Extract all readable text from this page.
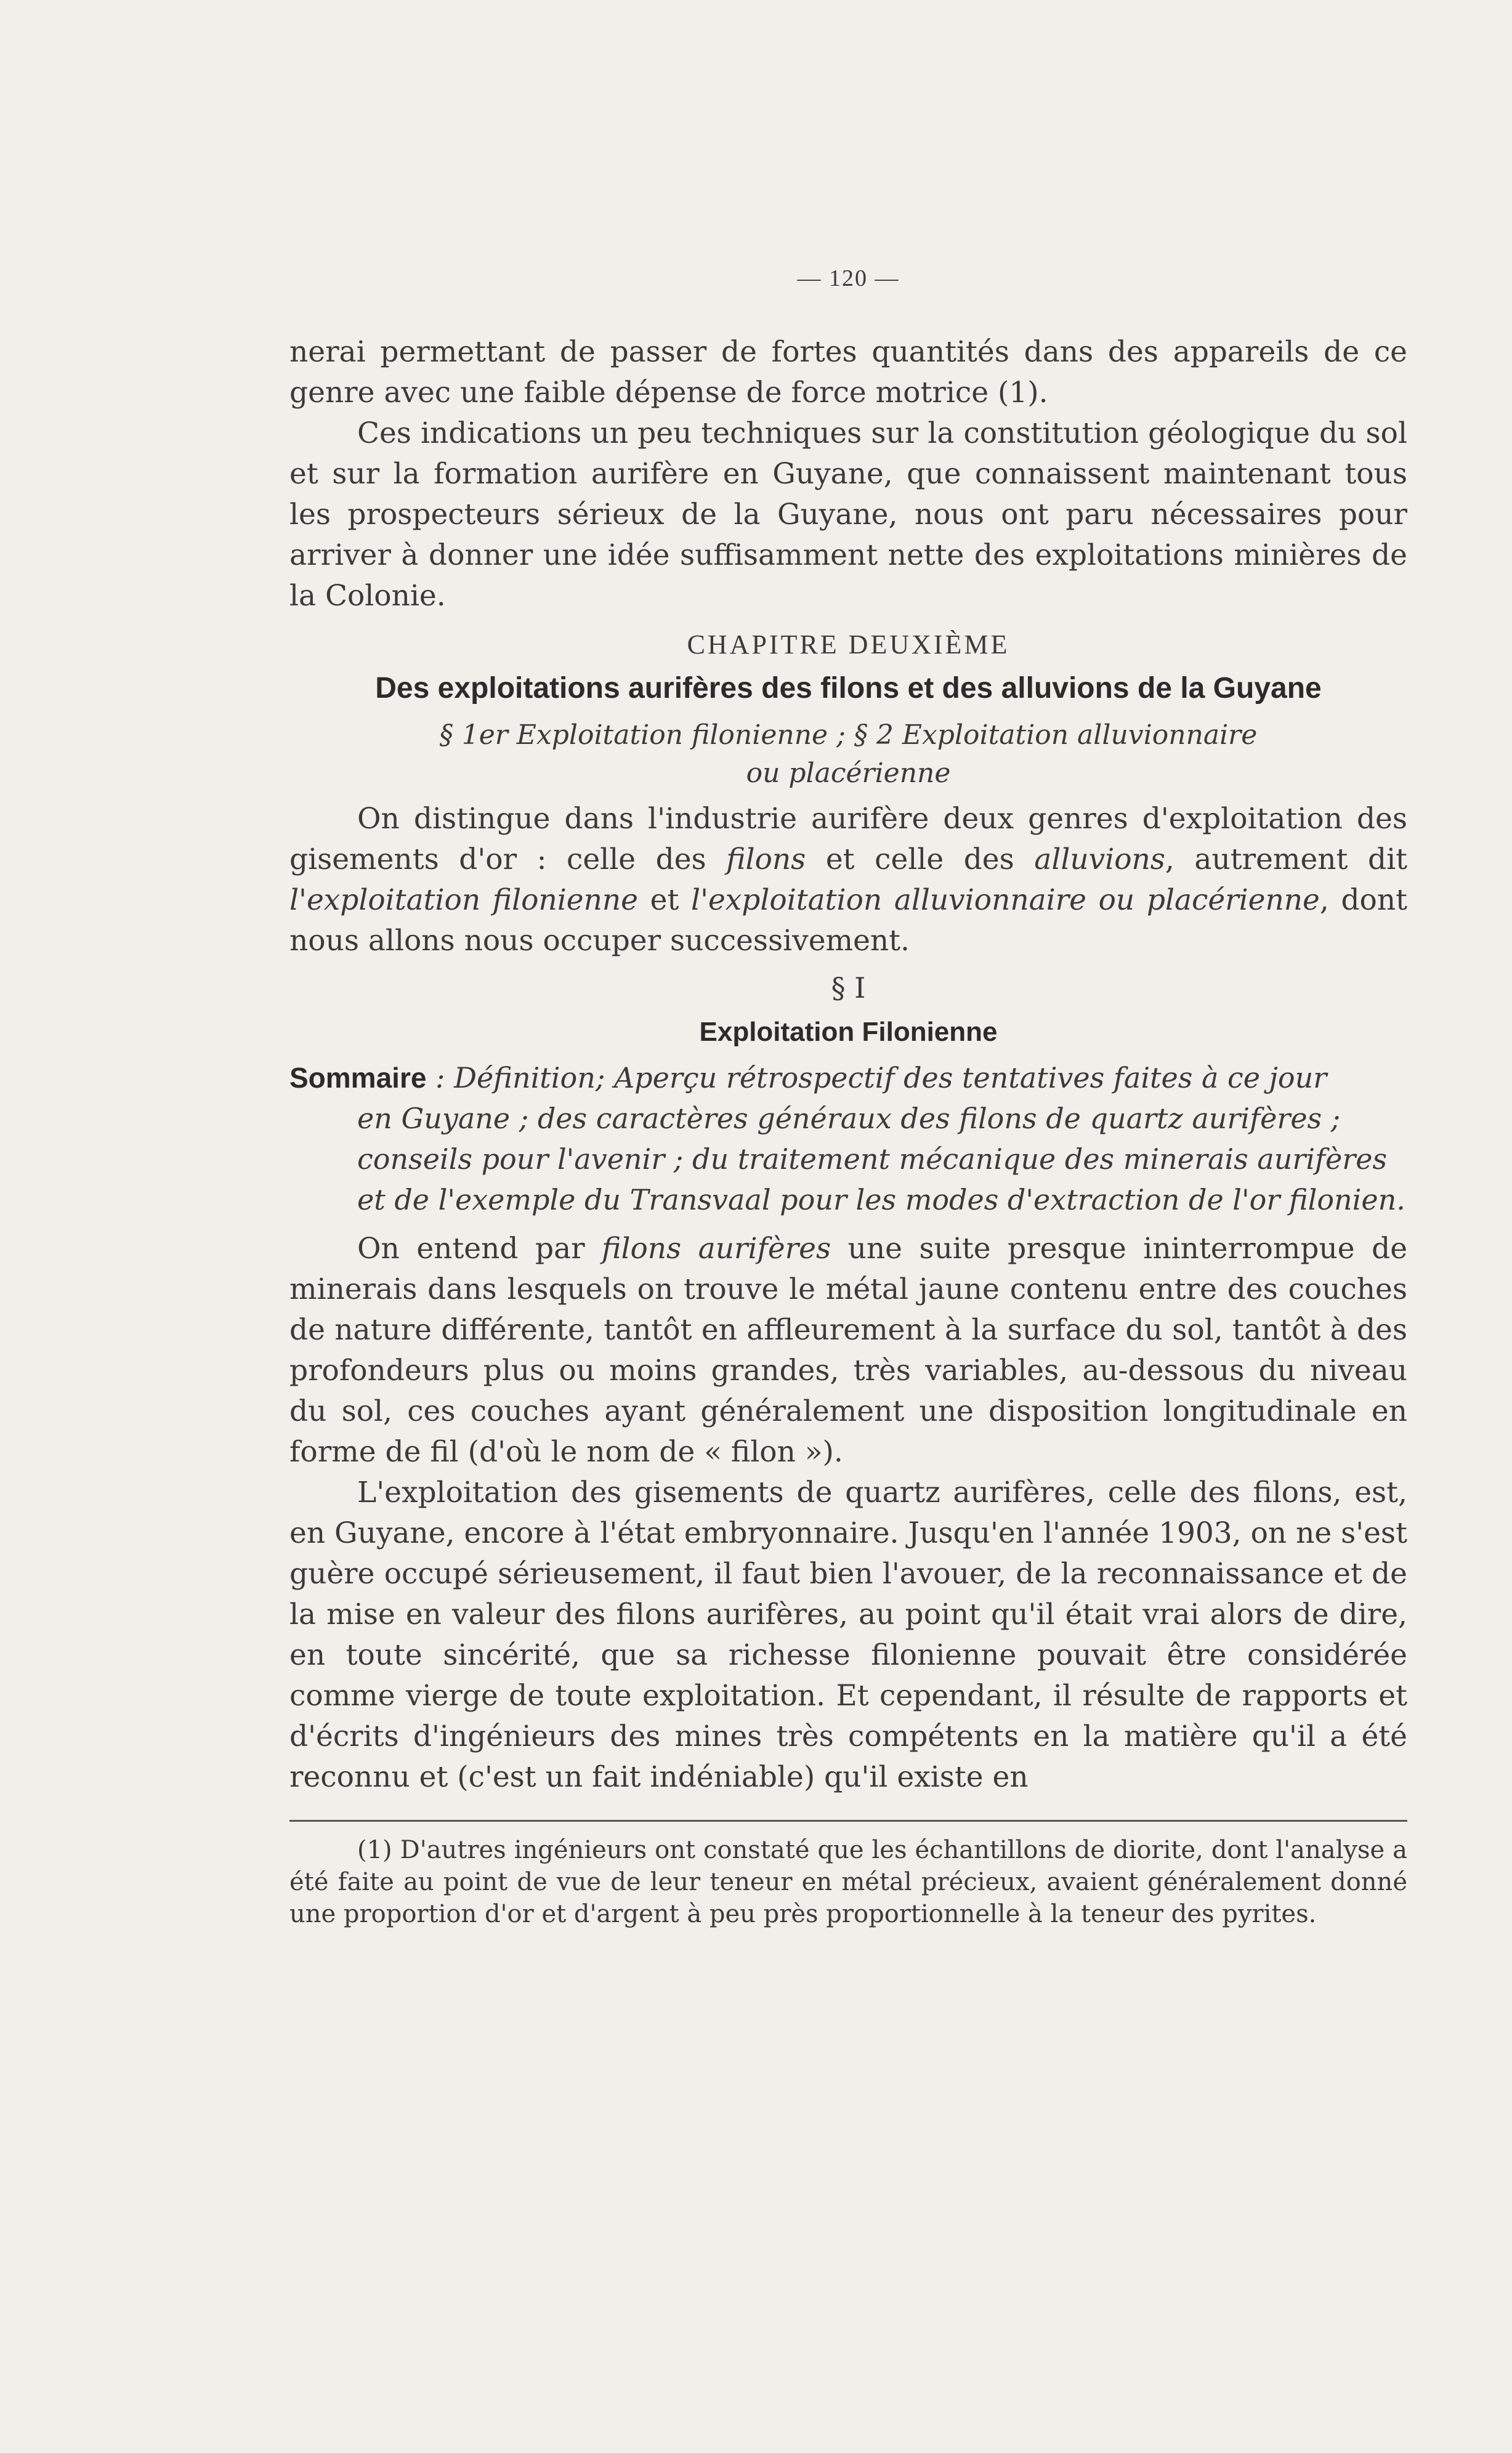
— 120 —

nerai permettant de passer de fortes quantités dans des appareils de ce genre avec une faible dépense de force motrice (1).

Ces indications un peu techniques sur la constitution géologique du sol et sur la formation aurifère en Guyane, que connaissent maintenant tous les prospecteurs sérieux de la Guyane, nous ont paru nécessaires pour arriver à donner une idée suffisamment nette des exploitations minières de la Colonie.

CHAPITRE DEUXIÈME
Des exploitations aurifères des filons et des alluvions de la Guyane
§ 1er Exploitation filonienne ; § 2 Exploitation alluvionnaire
ou placérienne

On distingue dans l'industrie aurifère deux genres d'exploitation des gisements d'or : celle des filons et celle des alluvions, autrement dit l'exploitation filonienne et l'exploitation alluvionnaire ou placérienne, dont nous allons nous occuper successivement.

§ I
Exploitation Filonienne
Sommaire : Définition; Aperçu rétrospectif des tentatives faites à ce jour
en Guyane ; des caractères généraux des filons de quartz aurifères ; conseils pour l'avenir ; du traitement mécanique des minerais aurifères et de l'exemple du Transvaal pour les modes d'extraction de l'or filonien.

On entend par filons aurifères une suite presque ininterrompue de minerais dans lesquels on trouve le métal jaune contenu entre des couches de nature différente, tantôt en affleurement à la surface du sol, tantôt à des profondeurs plus ou moins grandes, très variables, au-dessous du niveau du sol, ces couches ayant généralement une disposition longitudinale en forme de fil (d'où le nom de « filon »).

L'exploitation des gisements de quartz aurifères, celle des filons, est, en Guyane, encore à l'état embryonnaire. Jusqu'en l'année 1903, on ne s'est guère occupé sérieusement, il faut bien l'avouer, de la reconnaissance et de la mise en valeur des filons aurifères, au point qu'il était vrai alors de dire, en toute sincérité, que sa richesse filonienne pouvait être considérée comme vierge de toute exploitation. Et cependant, il résulte de rapports et d'écrits d'ingénieurs des mines très compétents en la matière qu'il a été reconnu et (c'est un fait indéniable) qu'il existe en

(1) D'autres ingénieurs ont constaté que les échantillons de diorite, dont l'analyse a été faite au point de vue de leur teneur en métal précieux, avaient généralement donné une proportion d'or et d'argent à peu près proportionnelle à la teneur des pyrites.
